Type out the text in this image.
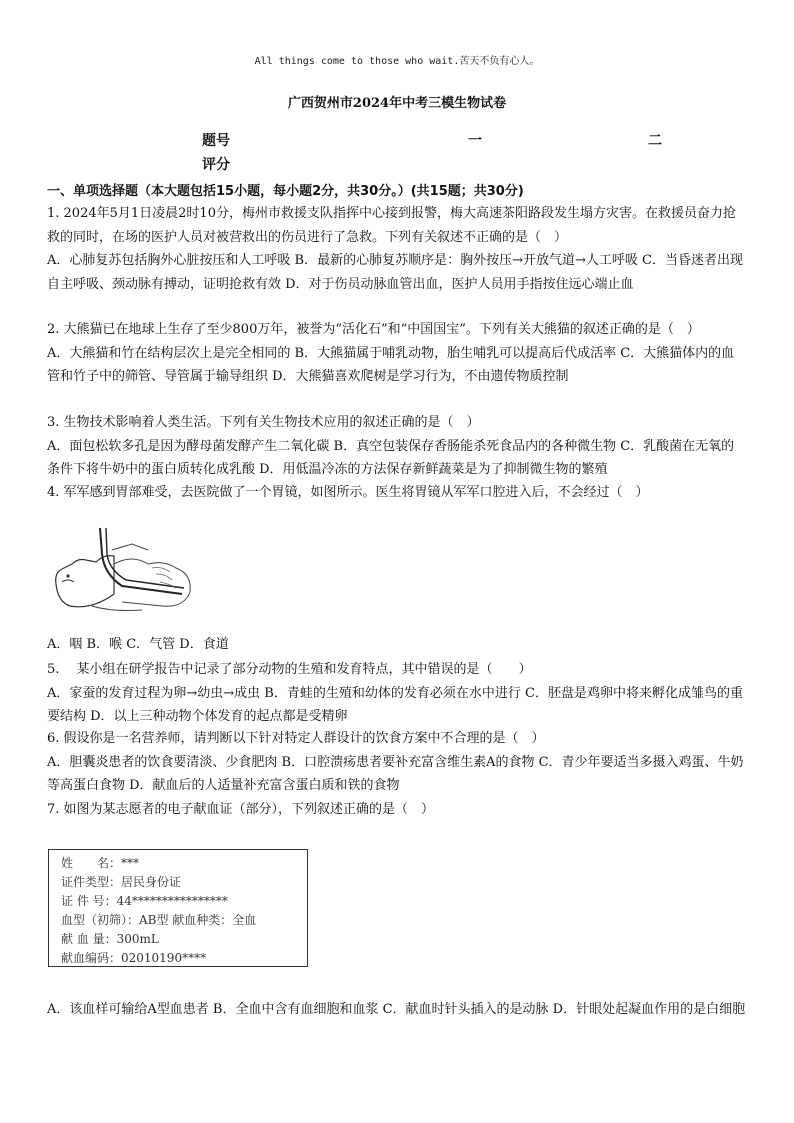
All things come to those who wait.苦天不负有心人。
广西贺州市2024年中考三模生物试卷
题号	一	二
评分
一、单项选择题（本大题包括15小题，每小题2分，共30分。）(共15题；共30分)

1. 2024年5月1日凌晨2时10分，梅州市救援支队指挥中心接到报警，梅大高速茶阳路段发生塌方灾害。在救援员奋力抢救的同时，在场的医护人员对被营救出的伤员进行了急救。下列有关叙述不正确的是（　）

A．心肺复苏包括胸外心脏按压和人工呼吸 B．最新的心肺复苏顺序是：胸外按压→开放气道→人工呼吸 C．当昏迷者出现自主呼吸、颈动脉有搏动，证明抢救有效 D．对于伤员动脉血管出血，医护人员用手指按住远心端止血

2. 大熊猫已在地球上生存了至少800万年，被誉为“活化石”和“中国国宝”。下列有关大熊猫的叙述正确的是（　）

A．大熊猫和竹在结构层次上是完全相同的 B．大熊猫属于哺乳动物，胎生哺乳可以提高后代成活率 C．大熊猫体内的血管和竹子中的筛管、导管属于输导组织 D．大熊猫喜欢爬树是学习行为，不由遗传物质控制

3. 生物技术影响着人类生活。下列有关生物技术应用的叙述正确的是（　）

A．面包松软多孔是因为酵母菌发酵产生二氧化碳 B．真空包装保存香肠能杀死食品内的各种微生物 C．乳酸菌在无氧的条件下将牛奶中的蛋白质转化成乳酸 D．用低温冷冻的方法保存新鲜蔬菜是为了抑制微生物的繁殖

4. 军军感到胃部难受，去医院做了一个胃镜，如图所示。医生将胃镜从军军口腔进入后，不会经过（　）

A．咽 B．喉 C．气管 D．食道

5.　 某小组在研学报告中记录了部分动物的生殖和发育特点，其中错误的是（　　）

A．家蚕的发育过程为卵→幼虫→成虫 B．青蛙的生殖和幼体的发育必须在水中进行 C．胚盘是鸡卵中将来孵化成雏鸟的重要结构 D．以上三种动物个体发育的起点都是受精卵

6. 假设你是一名营养师，请判断以下针对特定人群设计的饮食方案中不合理的是（　）

A．胆囊炎患者的饮食要清淡、少食肥肉 B．口腔溃疡患者要补充富含维生素A的食物 C．青少年要适当多摄入鸡蛋、牛奶等高蛋白食物 D．献血后的人适量补充富含蛋白质和铁的食物

7. 如图为某志愿者的电子献血证（部分），下列叙述正确的是（　）

姓　　名：***
证件类型：居民身份证
证 件 号：44****************
血型（初筛）：AB型 献血种类：全血
献 血 量：300mL
献血编码：02010190****

A．该血样可输给A型血患者 B．全血中含有血细胞和血浆 C．献血时针头插入的是动脉 D．针眼处起凝血作用的是白细胞
